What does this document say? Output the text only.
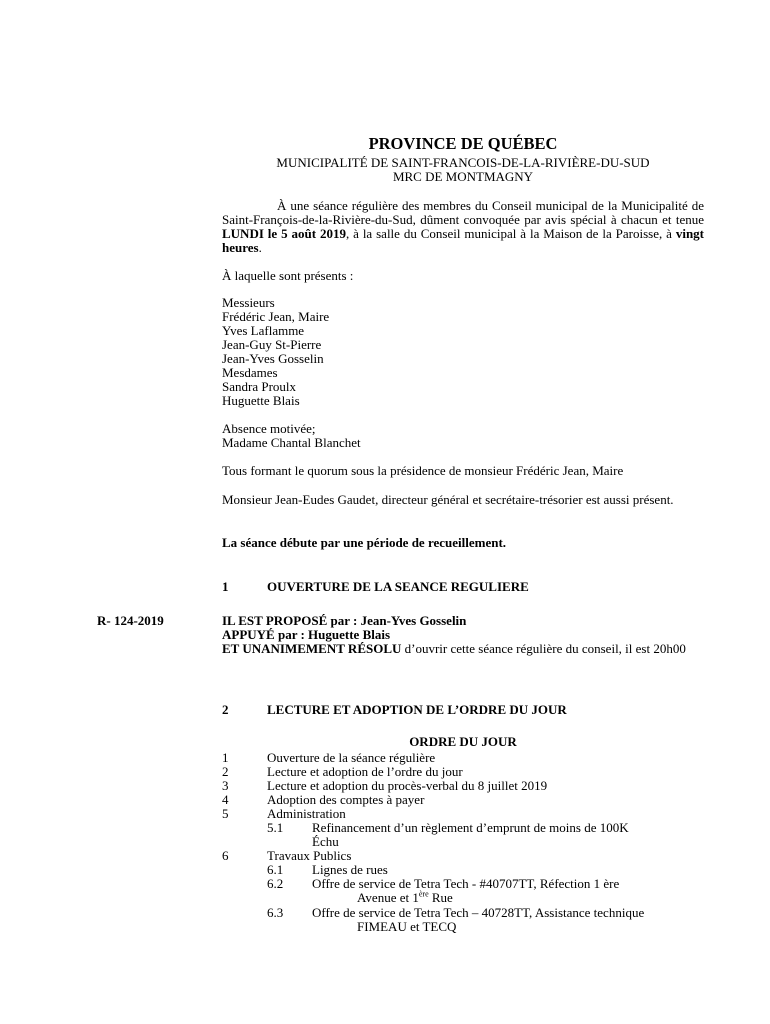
PROVINCE DE QUÉBEC
MUNICIPALITÉ DE SAINT-FRANCOIS-DE-LA-RIVIÈRE-DU-SUD
MRC DE MONTMAGNY
À une séance régulière des membres du Conseil municipal de la Municipalité de Saint-François-de-la-Rivière-du-Sud, dûment convoquée par avis spécial à chacun et tenue LUNDI le 5 août 2019, à la salle du Conseil municipal à la Maison de la Paroisse, à vingt heures.
À laquelle sont présents :
Messieurs
Frédéric Jean, Maire
Yves Laflamme
Jean-Guy St-Pierre
Jean-Yves Gosselin
Mesdames
Sandra Proulx
Huguette Blais
Absence motivée;
Madame Chantal Blanchet
Tous formant le quorum sous la présidence de monsieur Frédéric Jean, Maire
Monsieur Jean-Eudes Gaudet, directeur général et secrétaire-trésorier est aussi présent.
La séance débute par une période de recueillement.
1	OUVERTURE DE LA SEANCE REGULIERE
R- 124-2019	IL EST PROPOSÉ par : Jean-Yves Gosselin
APPUYÉ par : Huguette Blais
ET UNANIMEMENT RÉSOLU d’ouvrir cette séance régulière du conseil, il est 20h00
2	LECTURE ET ADOPTION DE L’ORDRE DU JOUR
ORDRE DU JOUR
1	Ouverture de la séance régulière
2	Lecture et adoption de l’ordre du jour
3	Lecture et adoption du procès-verbal du 8 juillet 2019
4	Adoption des comptes à payer
5	Administration
5.1 Refinancement d’un règlement d’emprunt de moins de 100K
Échu
6	Travaux Publics
6.1 Lignes de rues
6.2 Offre de service de Tetra Tech - #40707TT, Réfection 1 ère
Avenue et 1ère Rue
6.3 Offre de service de Tetra Tech – 40728TT, Assistance technique
FIMEAU et TECQ
